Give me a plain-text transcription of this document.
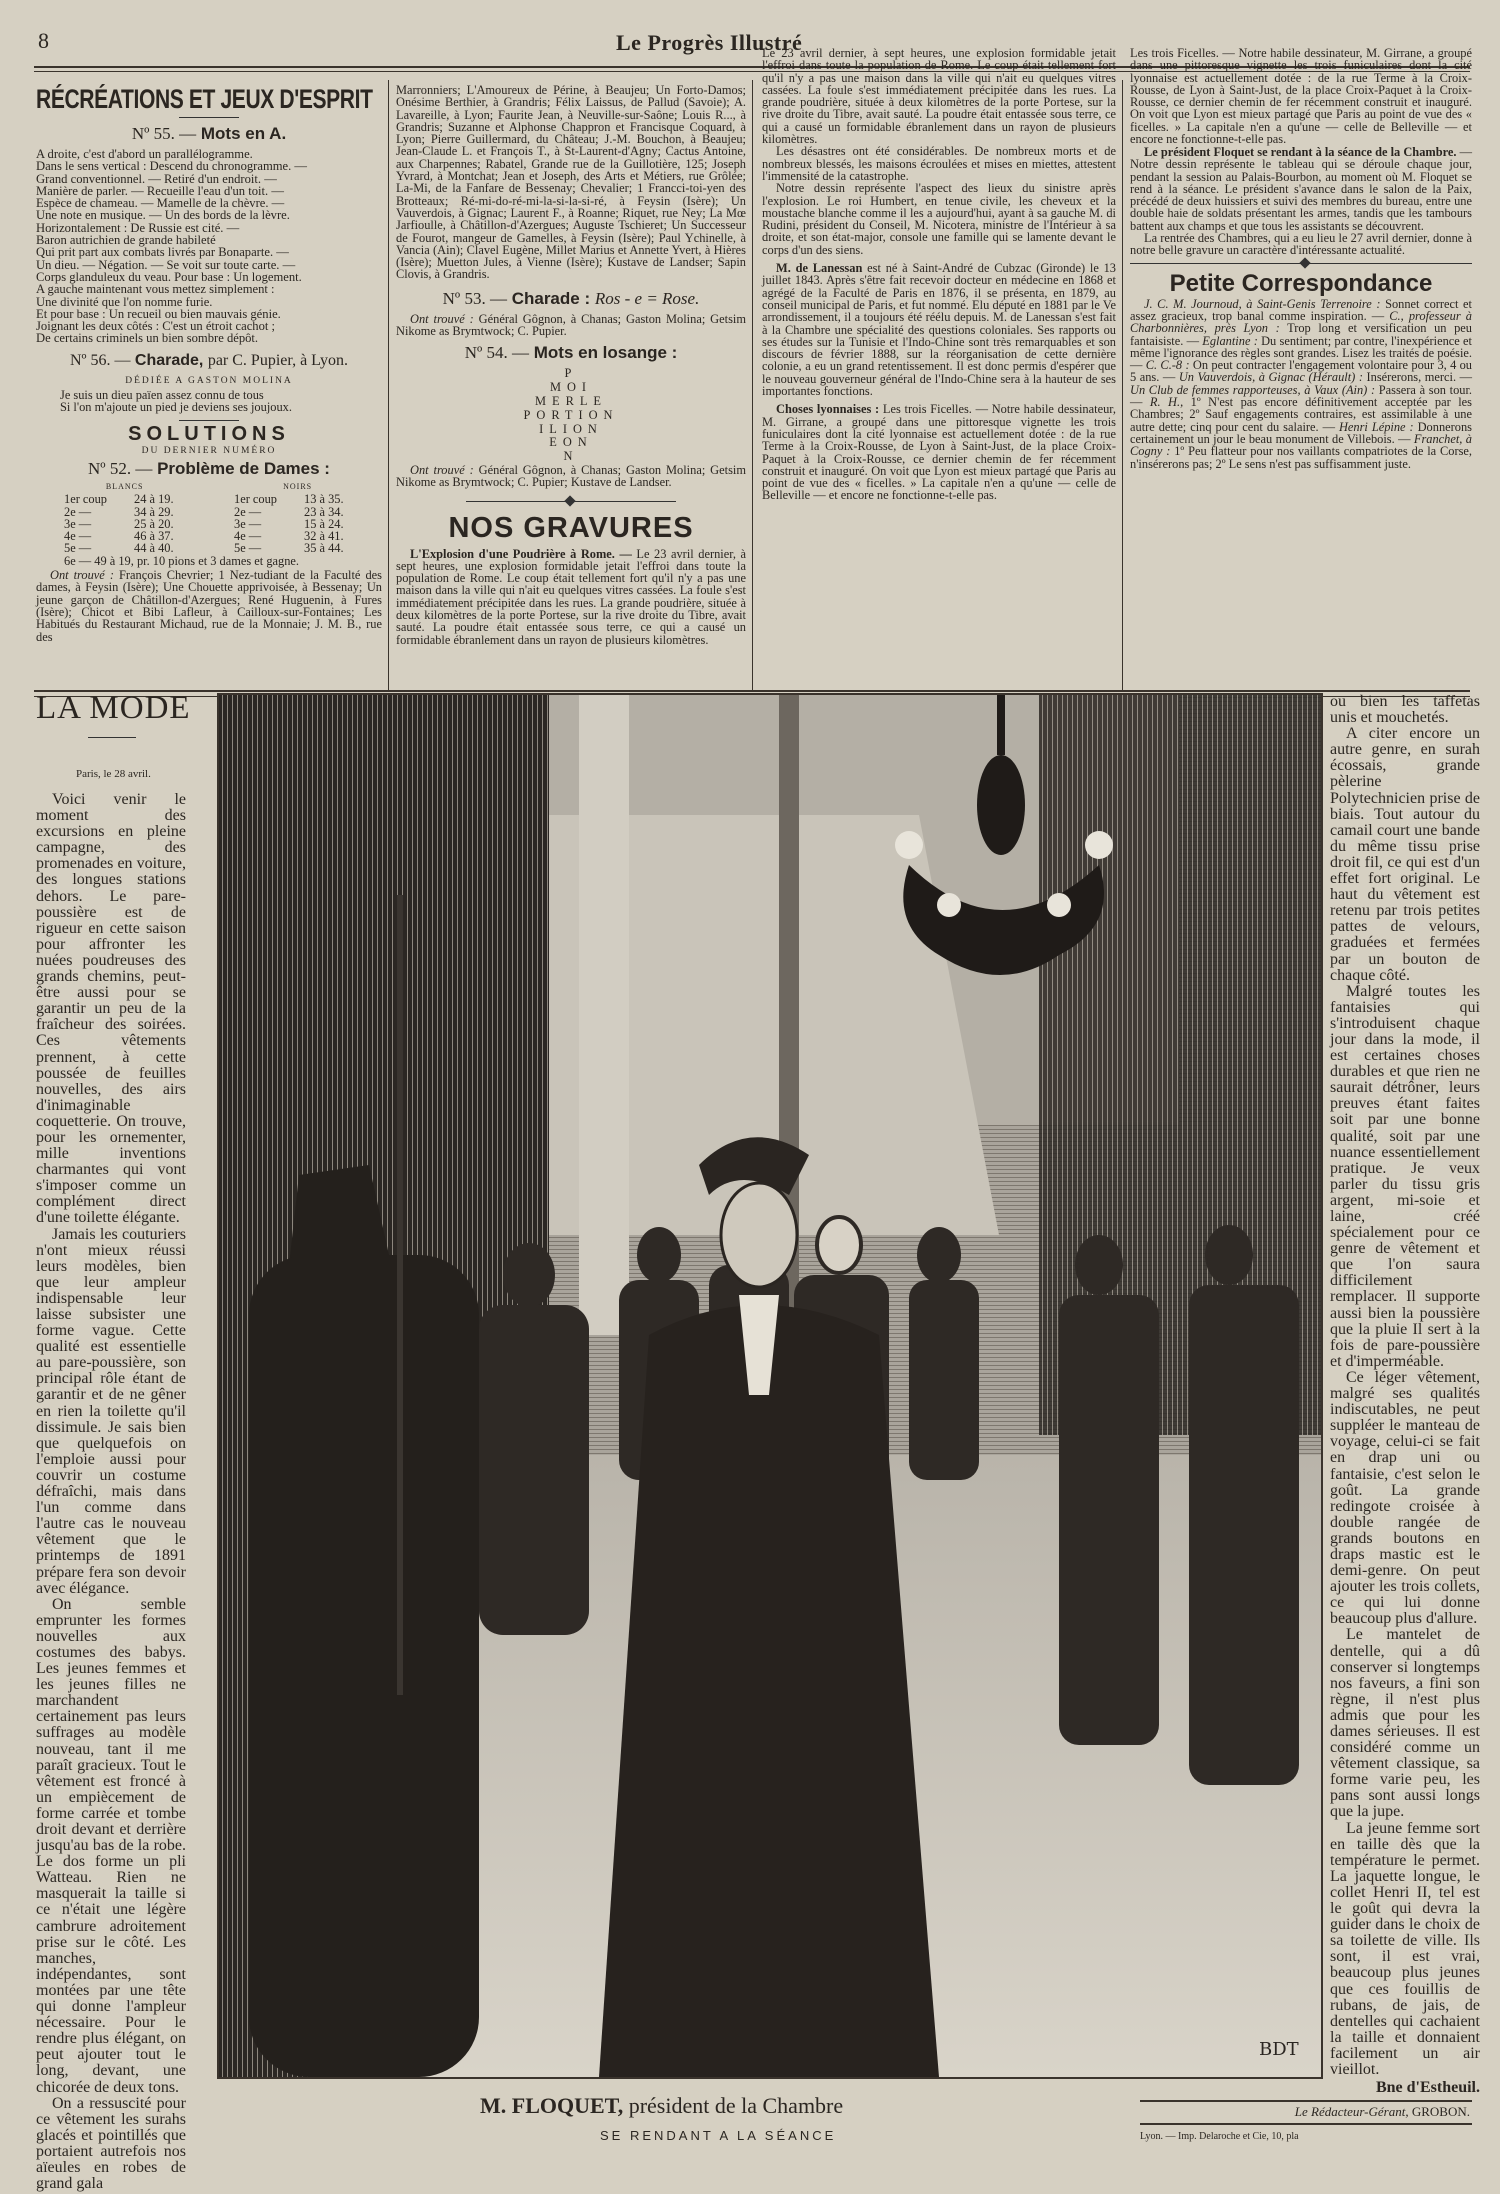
8	Le Progrès Illustré
RÉCRÉATIONS ET JEUX D'ESPRIT
Nº 55. — Mots en A.
A droite, c'est d'abord un parallélogramme.
Dans le sens vertical : Descend du chronogramme. —
Grand conventionnel. — Retiré d'un endroit. —
Manière de parler. — Recueille l'eau d'un toit. —
Espèce de chameau. — Mamelle de la chèvre. —
Une note en musique. — Un des bords de la lèvre.
Horizontalement : De Russie est cité. —
Baron autrichien de grande habileté
Qui prit part aux combats livrés par Bonaparte. —
Un dieu. — Négation. — Se voit sur toute carte. —
Corps glanduleux du veau. Pour base : Un logement.
A gauche maintenant vous mettez simplement :
Une divinité que l'on nomme furie.
Et pour base : Un recueil ou bien mauvais génie.
Joignant les deux côtés : C'est un étroit cachot ;
De certains criminels un bien sombre dépôt.
Nº 56. — Charade, par C. Pupier, à Lyon.
DÉDIÉE A GASTON MOLINA
Je suis un dieu païen assez connu de tous
Si l'on m'ajoute un pied je deviens ses joujoux.
SOLUTIONS
DU DERNIER NUMÉRO
Nº 52. — Problème de Dames :
BLANCS	NOIRS
1er coup	24 à 19.	1er coup	13 à 35.
2e —	34 à 29.	2e —	23 à 34.
3e —	25 à 20.	3e —	15 à 24.
4e —	46 à 37.	4e —	32 à 41.
5e —	44 à 40.	5e —	35 à 44.
6e — 49 à 19, pr. 10 pions et 3 dames et gagne.

Ont trouvé : François Chevrier; 1 Nez-tudiant de la Faculté des dames, à Feysin (Isère); Une Chouette apprivoisée, à Bessenay; Un jeune garçon de Châtillon-d'Azergues; René Huguenin, à Fures (Isère); Chicot et Bibi Lafleur, à Cailloux-sur-Fontaines; Les Habitués du Restaurant Michaud, rue de la Monnaie; J. M. B., rue des

Marronniers; L'Amoureux de Périne, à Beaujeu; Un Forto-Damos; Onésime Berthier, à Grandris; Félix Laissus, de Pallud (Savoie); A. Lavareille, à Lyon; Faurite Jean, à Neuville-sur-Saône; Louis R..., à Grandris; Suzanne et Alphonse Chappron et Francisque Coquard, à Lyon; Pierre Guillermard, du Château; J.-M. Bouchon, à Beaujeu; Jean-Claude L. et François T., à St-Laurent-d'Agny; Cactus Antoine, aux Charpennes; Rabatel, Grande rue de la Guillotière, 125; Joseph Yvrard, à Montchat; Jean et Joseph, des Arts et Métiers, rue Grôlée; La-Mi, de la Fanfare de Bessenay; Chevalier; 1 Francci-toi-yen des Brotteaux; Ré-mi-do-ré-mi-la-si-la-si-ré, à Feysin (Isère); Un Vauverdois, à Gignac; Laurent F., à Roanne; Riquet, rue Ney; La Mœ Jarfioulle, à Châtillon-d'Azergues; Auguste Tschieret; Un Successeur de Fourot, mangeur de Gamelles, à Feysin (Isère); Paul Ychinelle, à Vancia (Ain); Clavel Eugène, Millet Marius et Annette Yvert, à Hières (Isère); Muetton Jules, à Vienne (Isère); Kustave de Landser; Sapin Clovis, à Grandris.
Nº 53. — Charade : Ros - e = Rose.

Ont trouvé : Général Gôgnon, à Chanas; Gaston Molina; Getsim Nikome as Brymtwock; C. Pupier.

Nº 54. — Mots en losange :
P
MOI
MERLE
PORTION
ILION
EON
N

Ont trouvé : Général Gôgnon, à Chanas; Gaston Molina; Getsim Nikome as Brymtwock; C. Pupier; Kustave de Landser.

NOS GRAVURES

L'Explosion d'une Poudrière à Rome. — Le 23 avril dernier, à sept heures, une explosion formidable jetait l'effroi dans toute la population de Rome. Le coup était tellement fort qu'il n'y a pas une maison dans la ville qui n'ait eu quelques vitres cassées. La foule s'est immédiatement précipitée dans les rues. La grande poudrière, située à deux kilomètres de la porte Portese, sur la rive droite du Tibre, avait sauté. La poudre était entassée sous terre, ce qui a causé un formidable ébranlement dans un rayon de plusieurs kilomètres.

Le 23 avril dernier, à sept heures, une explosion formidable jetait l'effroi dans toute la population de Rome. Le coup était tellement fort qu'il n'y a pas une maison dans la ville qui n'ait eu quelques vitres cassées. La foule s'est immédiatement précipitée dans les rues. La grande poudrière, située à deux kilomètres de la porte Portese, sur la rive droite du Tibre, avait sauté. La poudre était entassée sous terre, ce qui a causé un formidable ébranlement dans un rayon de plusieurs kilomètres.

Les désastres ont été considérables. De nombreux morts et de nombreux blessés, les maisons écroulées et mises en miettes, attestent l'immensité de la catastrophe.

Notre dessin représente l'aspect des lieux du sinistre après l'explosion. Le roi Humbert, en tenue civile, les cheveux et la moustache blanche comme il les a aujourd'hui, ayant à sa gauche M. di Rudini, président du Conseil, M. Nicotera, ministre de l'Intérieur à sa droite, et son état-major, console une famille qui se lamente devant le corps d'un des siens.

M. de Lanessan est né à Saint-André de Cubzac (Gironde) le 13 juillet 1843. Après s'être fait recevoir docteur en médecine en 1868 et agrégé de la Faculté de Paris en 1876, il se présenta, en 1879, au conseil municipal de Paris, et fut nommé. Elu député en 1881 par le Ve arrondissement, il a toujours été réélu depuis. M. de Lanessan s'est fait à la Chambre une spécialité des questions coloniales. Ses rapports ou ses études sur la Tunisie et l'Indo-Chine sont très remarquables et son discours de février 1888, sur la réorganisation de cette dernière colonie, a eu un grand retentissement. Il est donc permis d'espérer que le nouveau gouverneur général de l'Indo-Chine sera à la hauteur de ses importantes fonctions.

Choses lyonnaises : Les trois Ficelles. — Notre habile dessinateur, M. Girrane, a groupé dans une pittoresque vignette les trois funiculaires dont la cité lyonnaise est actuellement dotée : de la rue Terme à la Croix-Rousse, de Lyon à Saint-Just, de la place Croix-Paquet à la Croix-Rousse, ce dernier chemin de fer récemment construit et inauguré. On voit que Lyon est mieux partagé que Paris au point de vue des « ficelles. » La capitale n'en a qu'une — celle de Belleville — et encore ne fonctionne-t-elle pas.

Le président Floquet se rendant à la séance de la Chambre. — Notre dessin représente le tableau qui se déroule chaque jour, pendant la session au Palais-Bourbon, au moment où M. Floquet se rend à la séance. Le président s'avance dans le salon de la Paix, précédé de deux huissiers et suivi des membres du bureau, entre une double haie de soldats présentant les armes, tandis que les tambours battent aux champs et que tous les assistants se découvrent.

La rentrée des Chambres, qui a eu lieu le 27 avril dernier, donne à notre belle gravure un caractère d'intéressante actualité.

Petite Correspondance

J. C. M. Journoud, à Saint-Genis Terrenoire : Sonnet correct et assez gracieux, trop banal comme inspiration. — C., professeur à Charbonnières, près Lyon : Trop long et versification un peu fantaisiste. — Eglantine : Du sentiment; par contre, l'inexpérience et même l'ignorance des règles sont grandes. Lisez les traités de poésie. — C. C.-8 : On peut contracter l'engagement volontaire pour 3, 4 ou 5 ans. — Un Vauverdois, à Gignac (Hérault) : Insérerons, merci. — Un Club de femmes rapporteuses, à Vaux (Ain) : Passera à son tour. — R. H., 1º N'est pas encore définitivement acceptée par les Chambres; 2º Sauf engagements contraires, est assimilable à une autre dette; cinq pour cent du salaire. — Henri Lépine : Donnerons certainement un jour le beau monument de Villebois. — Franchet, à Cogny : 1º Peu flatteur pour nos vaillants compatriotes de la Corse, n'insérerons pas; 2º Le sens n'est pas suffisamment juste.

Les trois Ficelles. — Notre habile dessinateur, M. Girrane, a groupé dans une pittoresque vignette les trois funiculaires dont la cité lyonnaise est actuellement dotée : de la rue Terme à la Croix-Rousse, de Lyon à Saint-Just, de la place Croix-Paquet à la Croix-Rousse, ce dernier chemin de fer récemment construit et inauguré. On voit que Lyon est mieux partagé que Paris au point de vue des « ficelles. » La capitale n'en a qu'une — celle de Belleville — et encore ne fonctionne-t-elle pas.
LA MODE
Paris, le 28 avril.

Voici venir le moment des excursions en pleine campagne, des promenades en voiture, des longues stations dehors. Le pare-poussière est de rigueur en cette saison pour affronter les nuées poudreuses des grands chemins, peut-être aussi pour se garantir un peu de la fraîcheur des soirées. Ces vêtements prennent, à cette poussée de feuilles nouvelles, des airs d'inimaginable coquetterie. On trouve, pour les ornementer, mille inventions charmantes qui vont s'imposer comme un complément direct d'une toilette élégante.

Jamais les couturiers n'ont mieux réussi leurs modèles, bien que leur ampleur indispensable leur laisse subsister une forme vague. Cette qualité est essentielle au pare-poussière, son principal rôle étant de garantir et de ne gêner en rien la toilette qu'il dissimule. Je sais bien que quelquefois on l'emploie aussi pour couvrir un costume défraîchi, mais dans l'un comme dans l'autre cas le nouveau vêtement que le printemps de 1891 prépare fera son devoir avec élégance.

On semble emprunter les formes nouvelles aux costumes des babys. Les jeunes femmes et les jeunes filles ne marchandent certainement pas leurs suffrages au modèle nouveau, tant il me paraît gracieux. Tout le vêtement est froncé à un empiècement de forme carrée et tombe droit devant et derrière jusqu'au bas de la robe. Le dos forme un pli Watteau. Rien ne masquerait la taille si ce n'était une légère cambrure adroitement prise sur le côté. Les manches, indépendantes, sont montées par une tête qui donne l'ampleur nécessaire. Pour le rendre plus élégant, on peut ajouter tout le long, devant, une chicorée de deux tons.

On a ressuscité pour ce vêtement les surahs glacés et pointillés que portaient autrefois nos aïeules en robes de grand gala

BDT

ou bien les taffetas unis et mouchetés.

A citer encore un autre genre, en surah écossais, grande pèlerine Polytechnicien prise de biais. Tout autour du camail court une bande du même tissu prise droit fil, ce qui est d'un effet fort original. Le haut du vêtement est retenu par trois petites pattes de velours, graduées et fermées par un bouton de chaque côté.

Malgré toutes les fantaisies qui s'introduisent chaque jour dans la mode, il est certaines choses durables et que rien ne saurait détrôner, leurs preuves étant faites soit par une bonne qualité, soit par une nuance essentiellement pratique. Je veux parler du tissu gris argent, mi-soie et laine, créé spécialement pour ce genre de vêtement et que l'on saura difficilement remplacer. Il supporte aussi bien la poussière que la pluie Il sert à la fois de pare-poussière et d'imperméable.

Ce léger vêtement, malgré ses qualités indiscutables, ne peut suppléer le manteau de voyage, celui-ci se fait en drap uni ou fantaisie, c'est selon le goût. La grande redingote croisée à double rangée de grands boutons en draps mastic est le demi-genre. On peut ajouter les trois collets, ce qui lui donne beaucoup plus d'allure.

Le mantelet de dentelle, qui a dû conserver si longtemps nos faveurs, a fini son règne, il n'est plus admis que pour les dames sérieuses. Il est considéré comme un vêtement classique, sa forme varie peu, les pans sont aussi longs que la jupe.

La jeune femme sort en taille dès que la température le permet. La jaquette longue, le collet Henri II, tel est le goût qui devra la guider dans le choix de sa toilette de ville. Ils sont, il est vrai, beaucoup plus jeunes que ces fouillis de rubans, de jais, de dentelles qui cachaient la taille et donnaient facilement un air vieillot.

Bne d'Estheuil.
M. FLOQUET, président de la Chambre
SE RENDANT A LA SÉANCE
Le Rédacteur-Gérant, GROBON.
Lyon. — Imp. Delaroche et Cie, 10, pla
